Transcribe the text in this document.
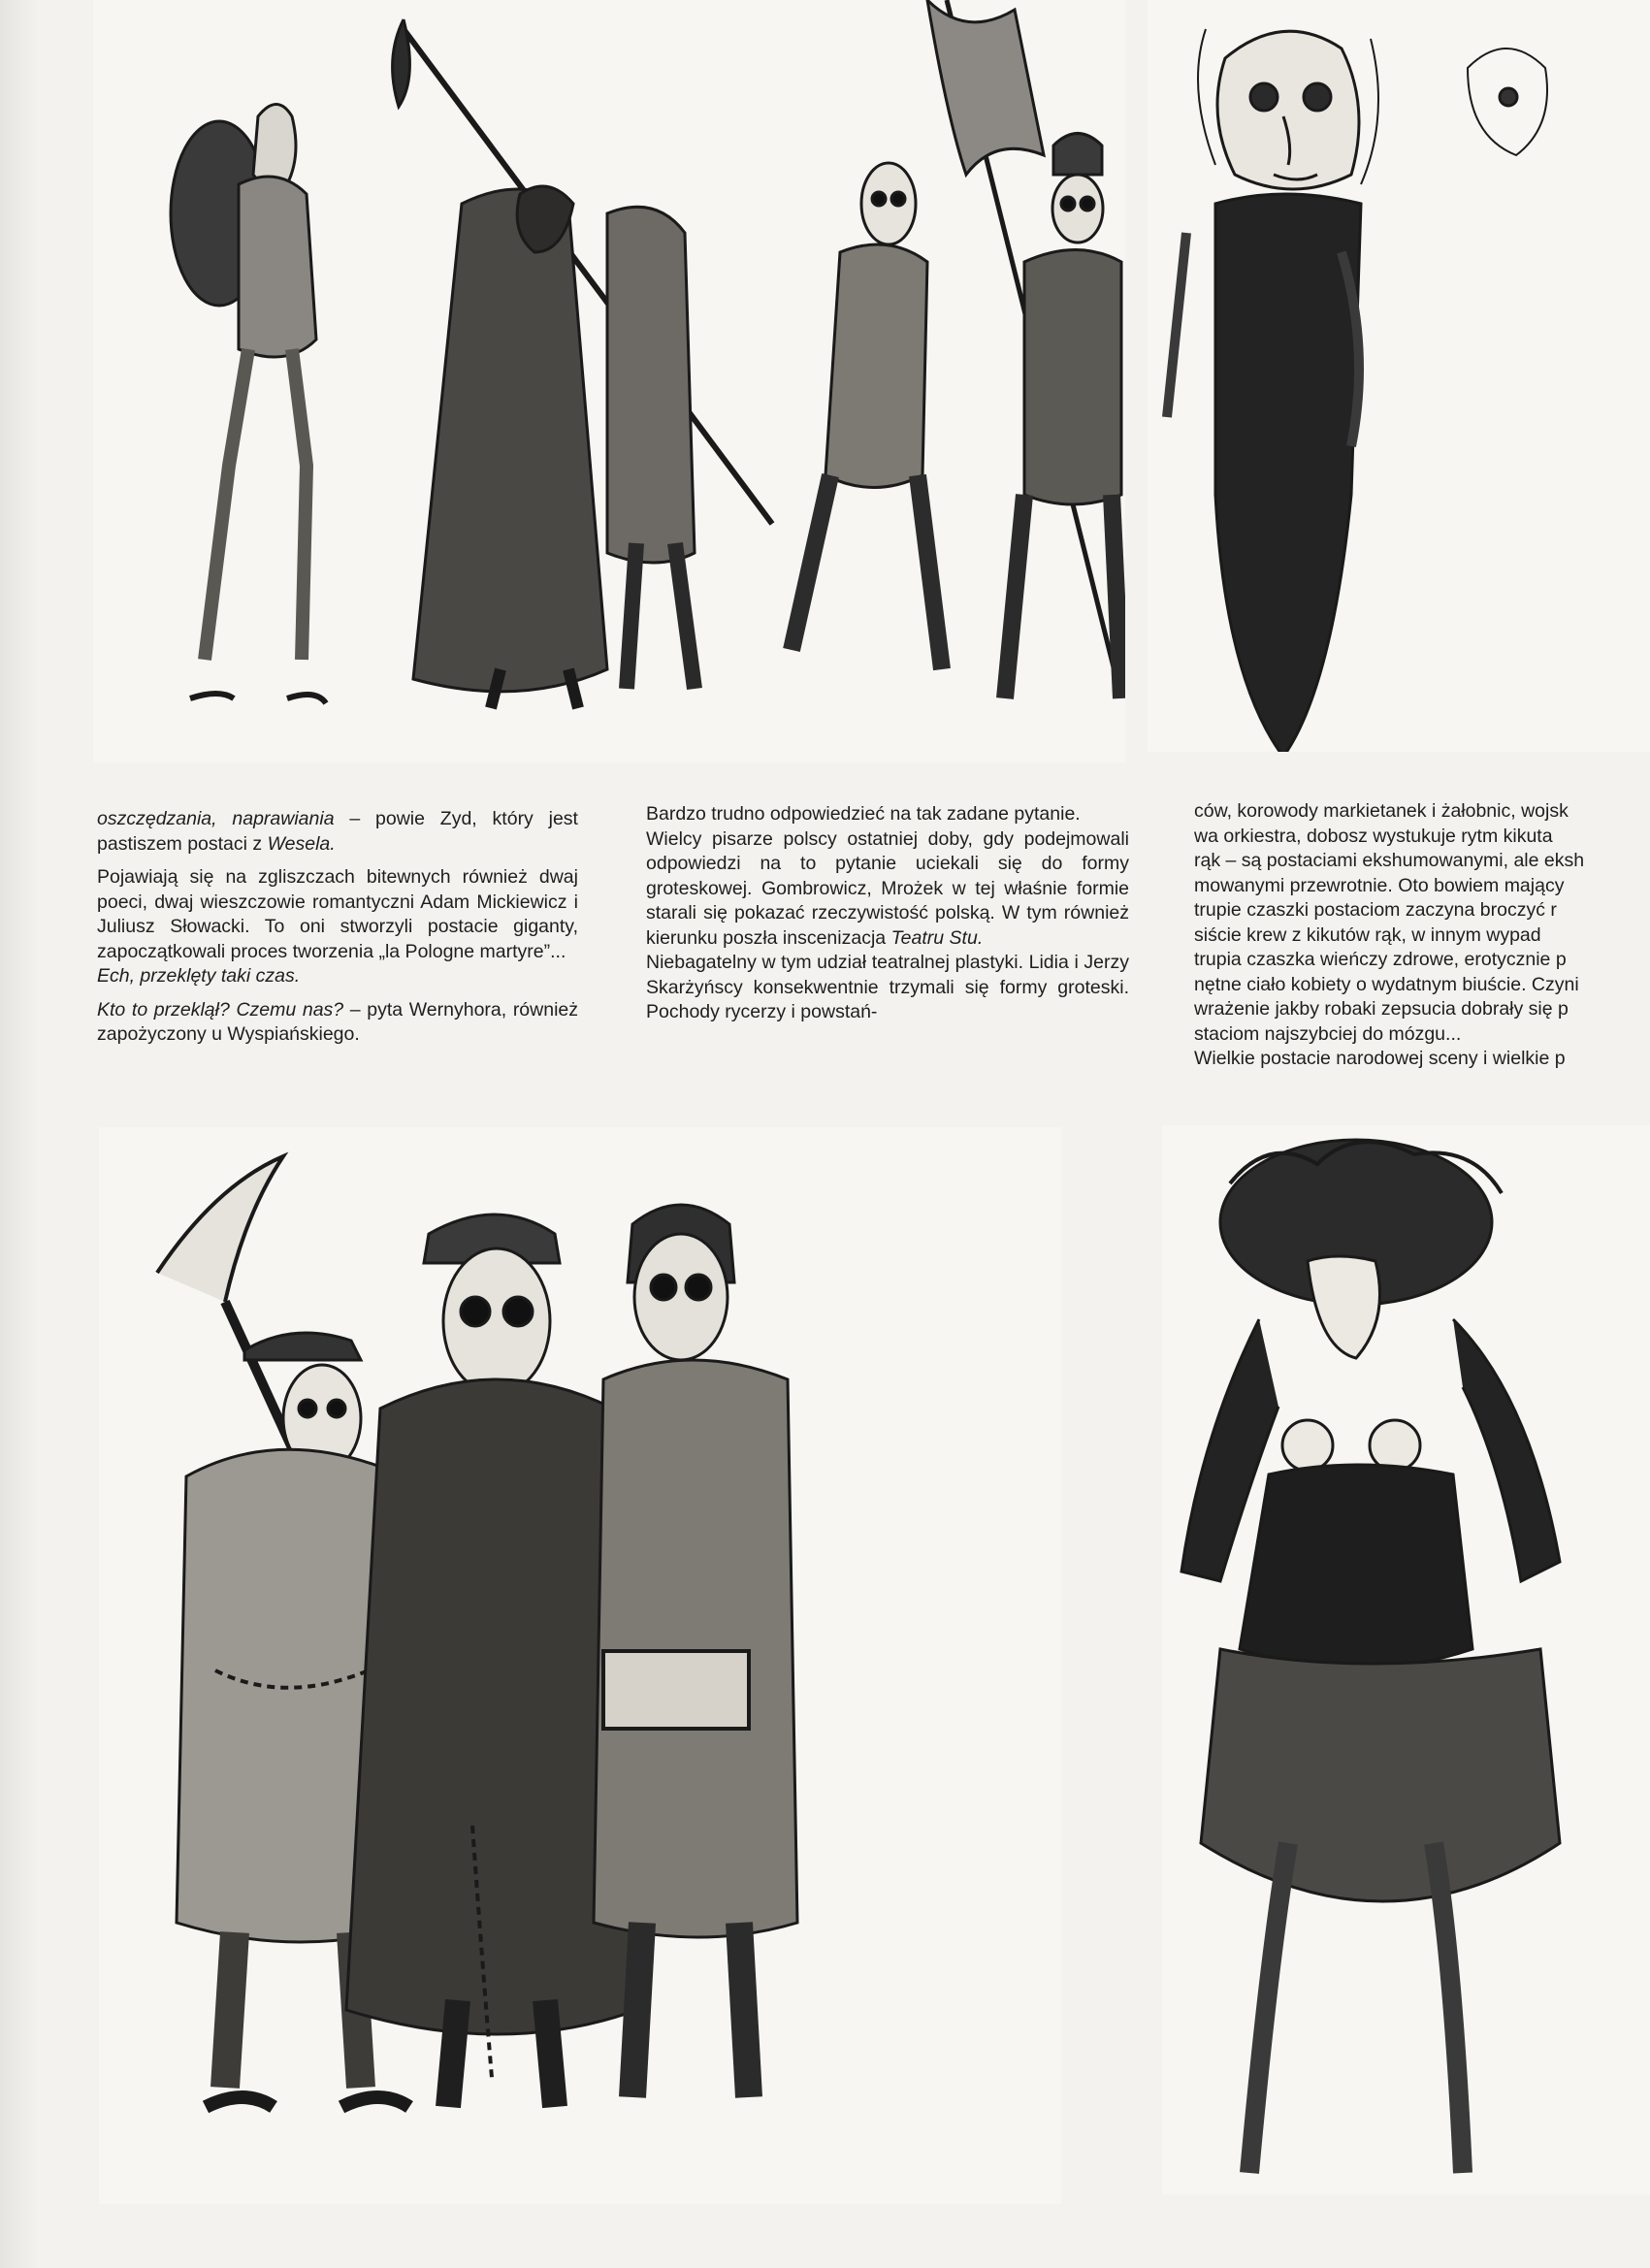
oszczędzania, naprawiania – powie Zyd, który jest pastiszem postaci z Wesela.

Pojawiają się na zgliszczach bitewnych również dwaj poeci, dwaj wieszczowie romantyczni Adam Mickiewicz i Juliusz Słowacki. To oni stworzyli postacie giganty, zapoczątkowali proces tworzenia „la Pologne martyre”...

Ech, przeklęty taki czas.

Kto to przeklął? Czemu nas? – pyta Wernyhora, również zapożyczony u Wyspiańskiego.

Bardzo trudno odpowiedzieć na tak zadane pytanie.

Wielcy pisarze polscy ostatniej doby, gdy podejmowali odpowiedzi na to pytanie uciekali się do formy groteskowej. Gombrowicz, Mrożek w tej właśnie formie starali się pokazać rzeczywistość polską. W tym również kierunku poszła inscenizacja Teatru Stu.

Niebagatelny w tym udział teatralnej plastyki. Lidia i Jerzy Skarżyńscy konsekwentnie trzymali się formy groteski. Pochody rycerzy i powstań-

ców, korowody markietanek i żałobnic, wojsk

wa orkiestra, dobosz wystukuje rytm kikuta

rąk – są postaciami ekshumowanymi, ale eksh

mowanymi przewrotnie. Oto bowiem mający

trupie czaszki postaciom zaczyna broczyć r

siście krew z kikutów rąk, w innym wypad

trupia czaszka wieńczy zdrowe, erotycznie p

nętne ciało kobiety o wydatnym biuście. Czyni

wrażenie jakby robaki zepsucia dobrały się p

staciom najszybciej do mózgu...

Wielkie postacie narodowej sceny i wielkie p
